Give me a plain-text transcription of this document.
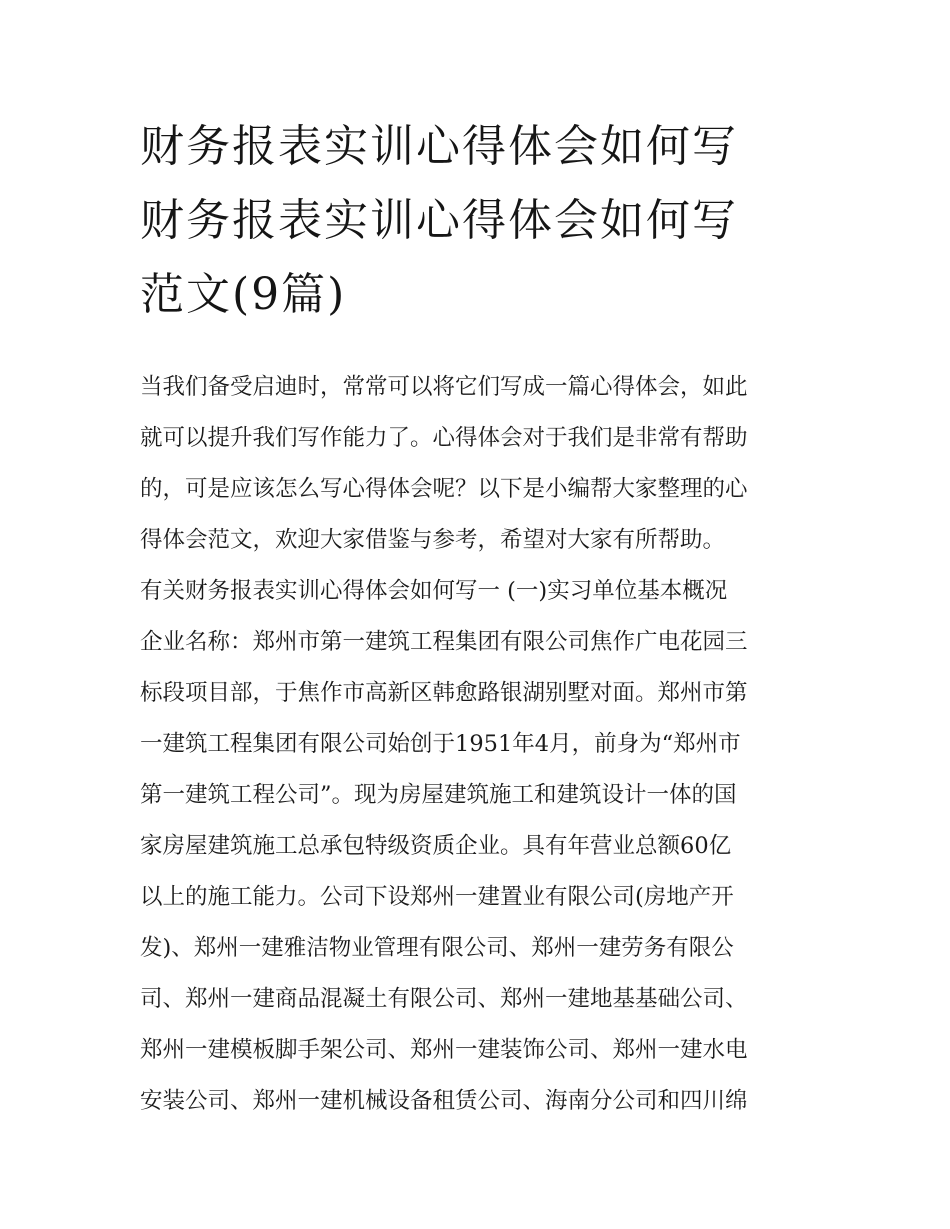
财务报表实训心得体会如何写
财务报表实训心得体会如何写
范文(9篇)
当我们备受启迪时，常常可以将它们写成一篇心得体会，如此
就可以提升我们写作能力了。心得体会对于我们是非常有帮助
的，可是应该怎么写心得体会呢？以下是小编帮大家整理的心
得体会范文，欢迎大家借鉴与参考，希望对大家有所帮助。
有关财务报表实训心得体会如何写一 (一)实习单位基本概况
企业名称：郑州市第一建筑工程集团有限公司焦作广电花园三
标段项目部，于焦作市高新区韩愈路银湖别墅对面。郑州市第
一建筑工程集团有限公司始创于1951年4月，前身为“郑州市
第一建筑工程公司”。现为房屋建筑施工和建筑设计一体的国
家房屋建筑施工总承包特级资质企业。具有年营业总额60亿
以上的施工能力。公司下设郑州一建置业有限公司(房地产开
发)、郑州一建雅洁物业管理有限公司、郑州一建劳务有限公
司、郑州一建商品混凝土有限公司、郑州一建地基基础公司、
郑州一建模板脚手架公司、郑州一建装饰公司、郑州一建水电
安装公司、郑州一建机械设备租赁公司、海南分公司和四川绵
